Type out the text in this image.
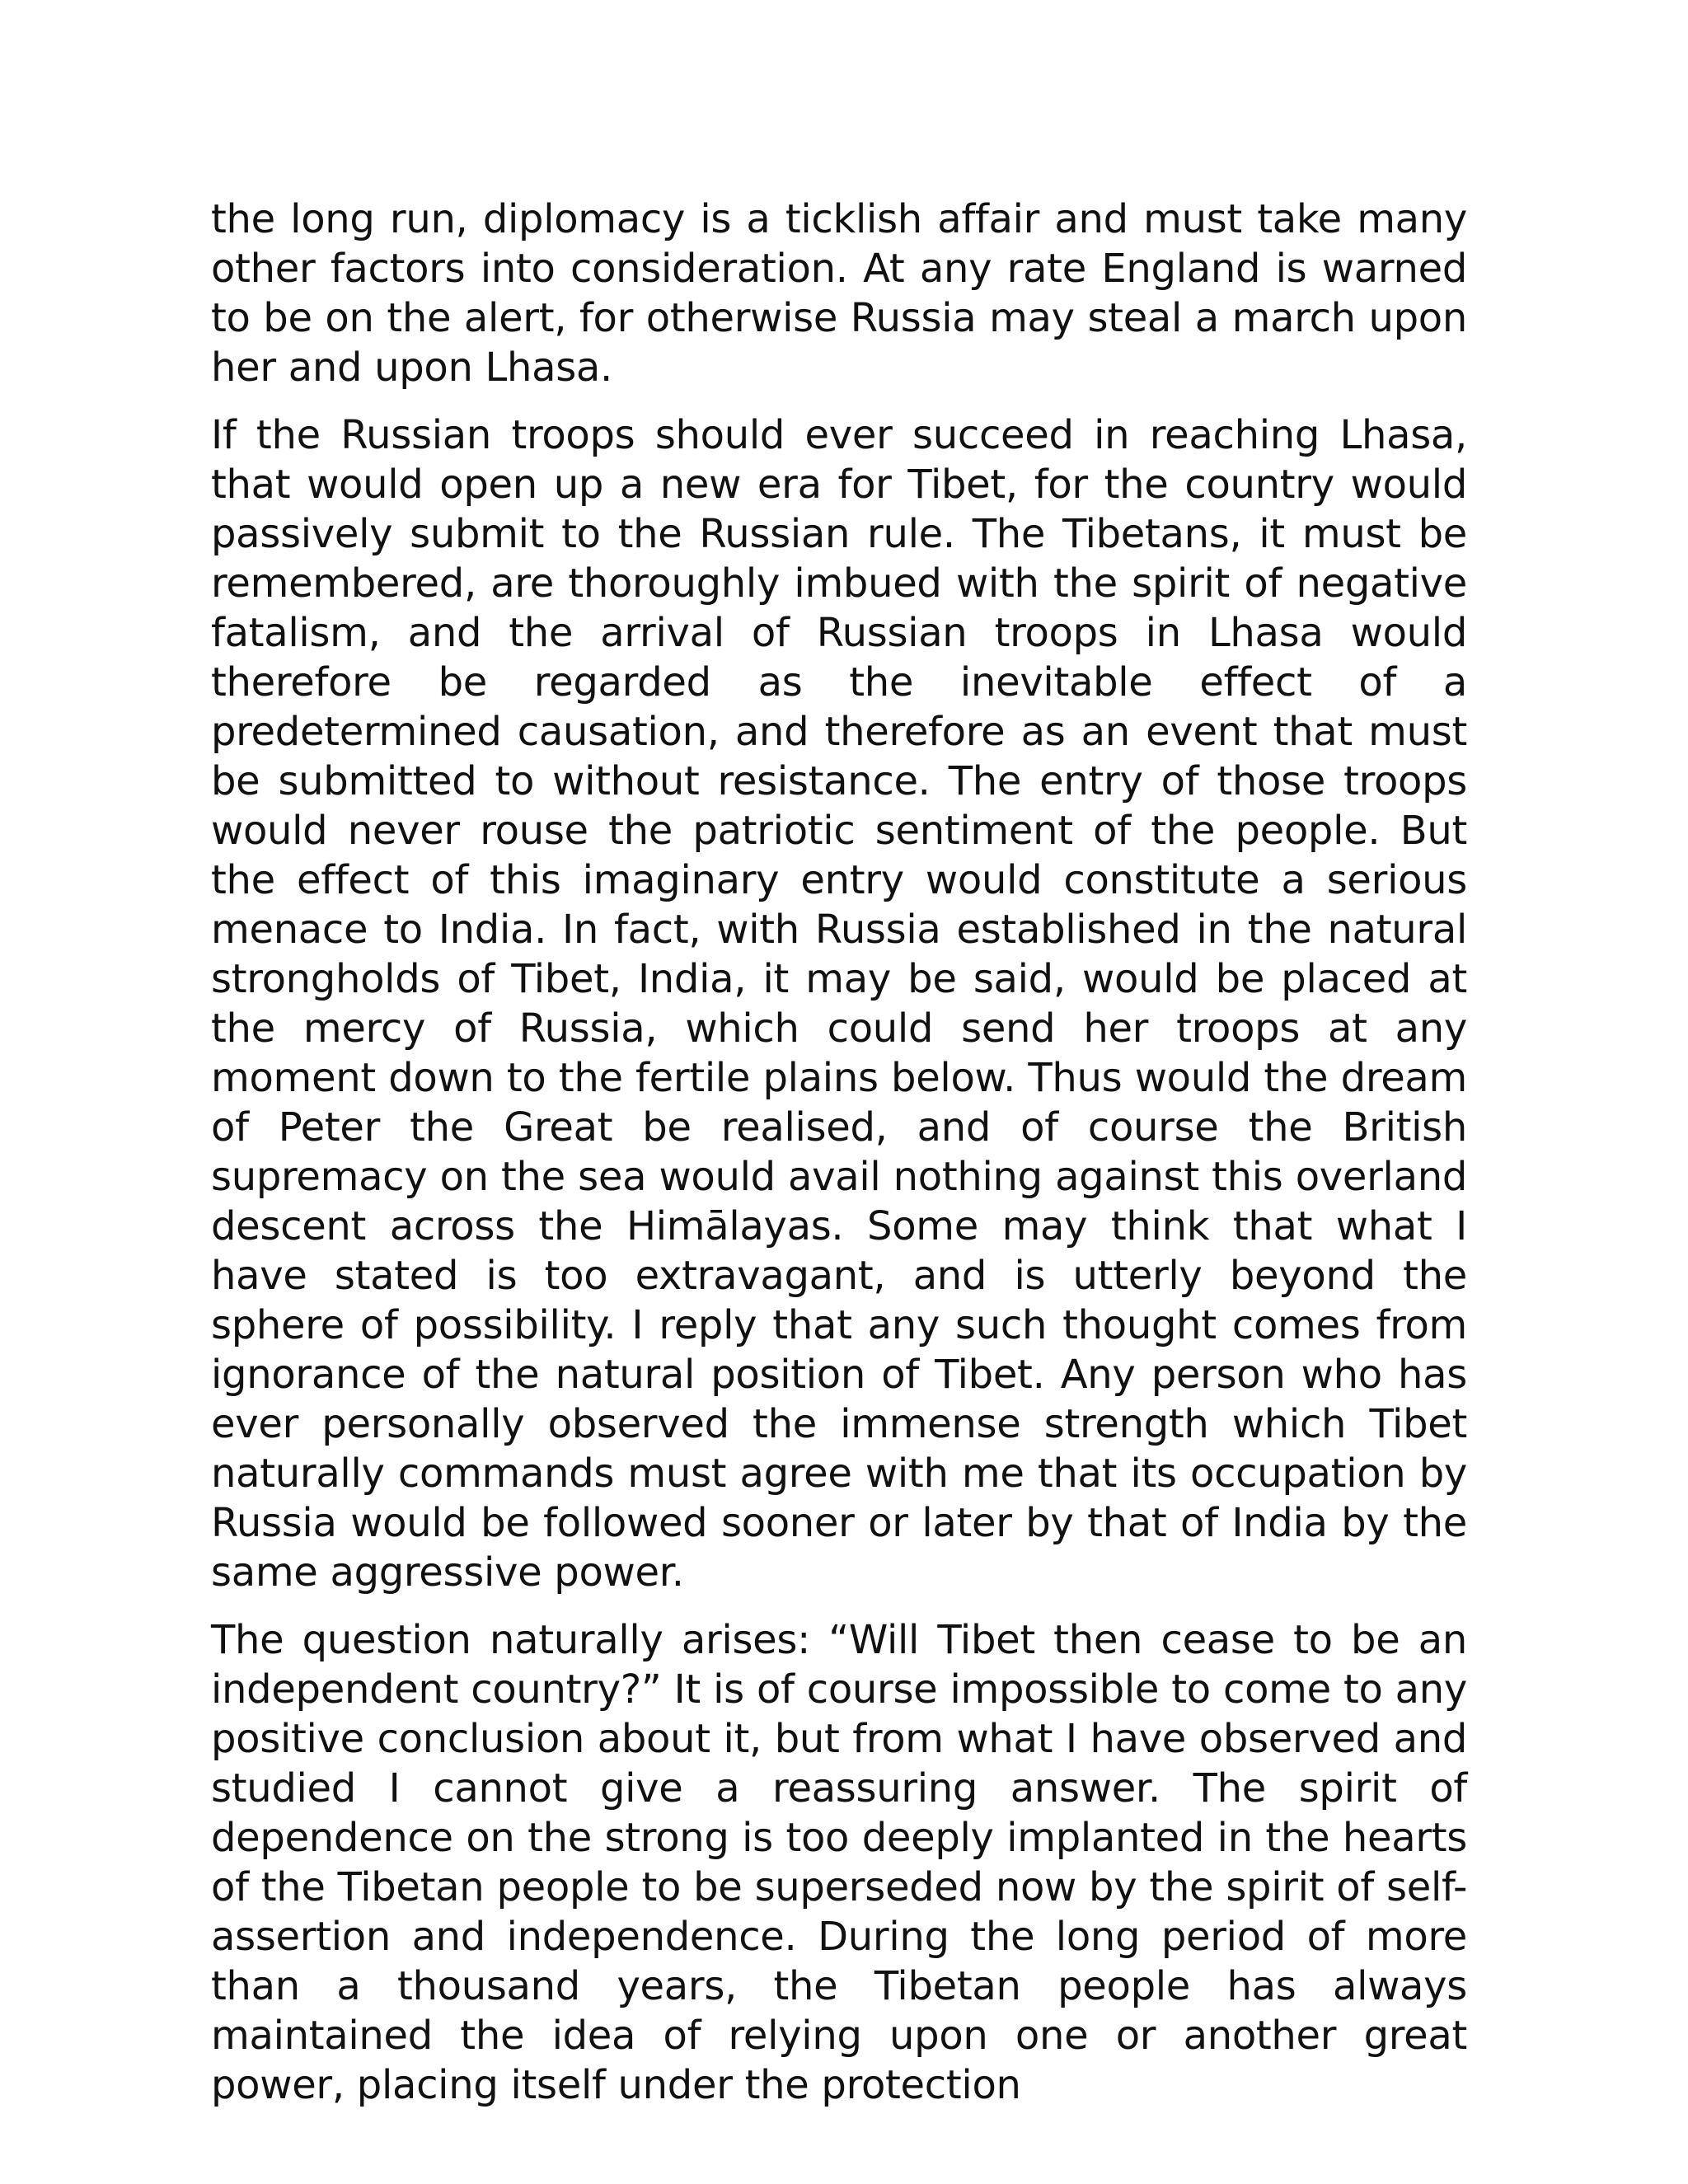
the long run, diplomacy is a ticklish affair and must take many other factors into consideration. At any rate England is warned to be on the alert, for otherwise Russia may steal a march upon her and upon Lhasa.

If the Russian troops should ever succeed in reaching Lhasa, that would open up a new era for Tibet, for the country would passively submit to the Russian rule. The Tibetans, it must be remembered, are thoroughly imbued with the spirit of negative fatalism, and the arrival of Russian troops in Lhasa would therefore be regarded as the inevitable effect of a predetermined causation, and therefore as an event that must be submitted to without resistance. The entry of those troops would never rouse the patriotic sentiment of the people. But the effect of this imaginary entry would constitute a serious menace to India. In fact, with Russia established in the natural strongholds of Tibet, India, it may be said, would be placed at the mercy of Russia, which could send her troops at any moment down to the fertile plains below. Thus would the dream of Peter the Great be realised, and of course the British supremacy on the sea would avail nothing against this overland descent across the Himālayas. Some may think that what I have stated is too extravagant, and is utterly beyond the sphere of possibility. I reply that any such thought comes from ignorance of the natural position of Tibet. Any person who has ever personally observed the immense strength which Tibet naturally commands must agree with me that its occupation by Russia would be followed sooner or later by that of India by the same aggressive power.

The question naturally arises: “Will Tibet then cease to be an independent country?” It is of course impossible to come to any positive conclusion about it, but from what I have observed and studied I cannot give a reassuring answer. The spirit of dependence on the strong is too deeply implanted in the hearts of the Tibetan people to be superseded now by the spirit of self-assertion and independence. During the long period of more than a thousand years, the Tibetan people has always maintained the idea of relying upon one or another great power, placing itself under the protection
